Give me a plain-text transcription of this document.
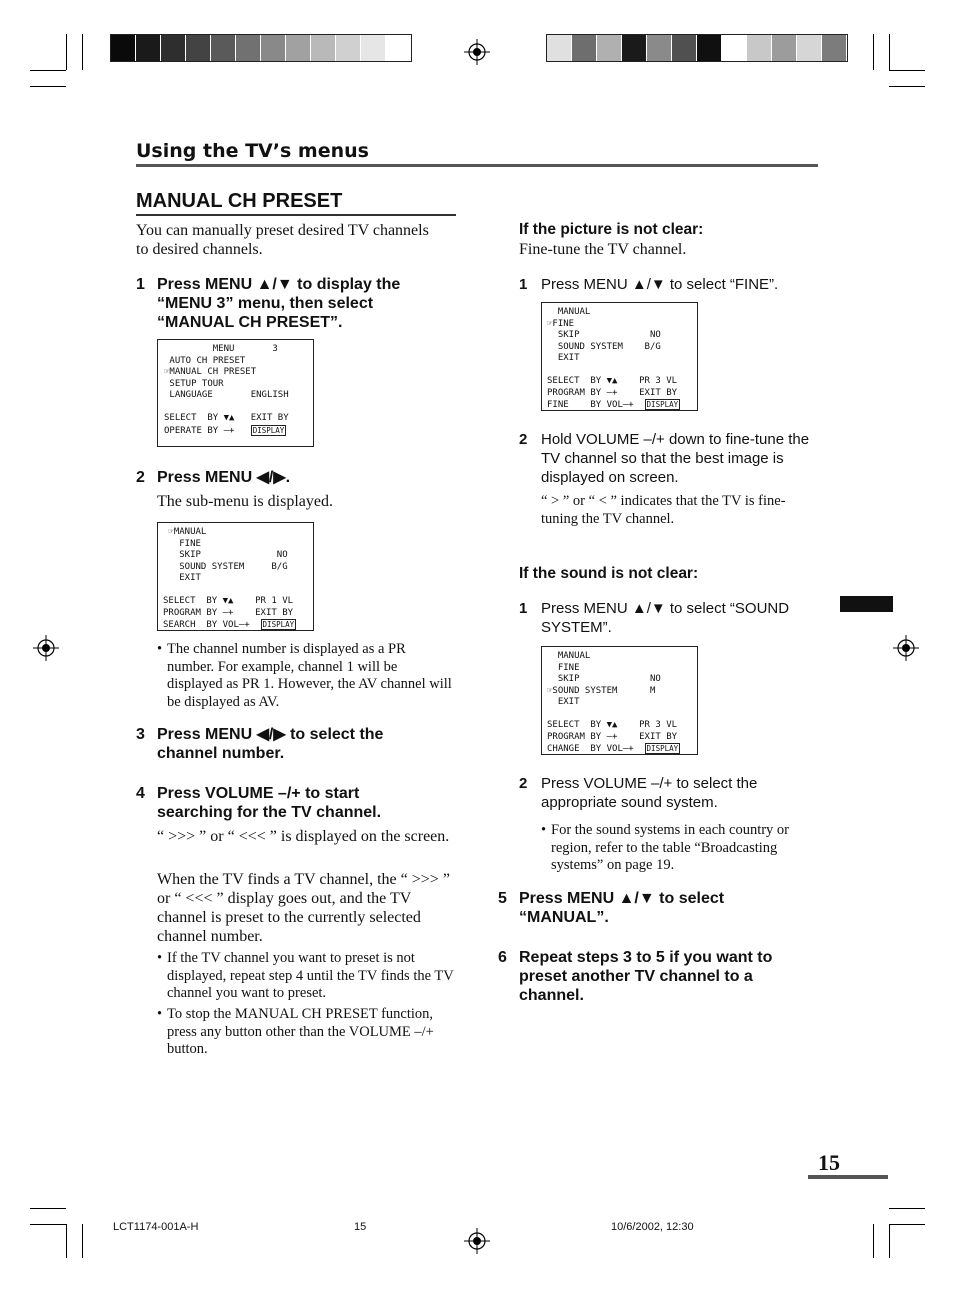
Using the TV’s menus
MANUAL CH PRESET
You can manually preset desired TV channels to desired channels.
1 Press MENU ▲/▼ to display the “MENU 3” menu, then select “MANUAL CH PRESET”.
MENU       3
AUTO CH PRESET
☞MANUAL CH PRESET
SETUP TOUR
LANGUAGE       ENGLISH

SELECT  BY ▼▲   EXIT BY
OPERATE BY –+   DISPLAY
2 Press MENU ◀/▶.
The sub-menu is displayed.
☞MANUAL
FINE
SKIP              NO
SOUND SYSTEM     B/G
EXIT

SELECT  BY ▼▲    PR 1 VL
PROGRAM BY –+    EXIT BY
SEARCH  BY VOL–+  DISPLAY
• The channel number is displayed as a PR number. For example, channel 1 will be displayed as PR 1. However, the AV channel will be displayed as AV.
3 Press MENU ◀/▶ to select the channel number.
4 Press VOLUME –/+ to start searching for the TV channel.
“ >>> ” or “ <<< ” is displayed on the screen.
When the TV finds a TV channel, the “ >>> ” or “ <<< ” display goes out, and the TV channel is preset to the currently selected channel number.
• If the TV channel you want to preset is not displayed, repeat step 4 until the TV finds the TV channel you want to preset.
• To stop the MANUAL CH PRESET function, press any button other than the VOLUME –/+ button.
If the picture is not clear:
Fine-tune the TV channel.
1 Press MENU ▲/▼ to select “FINE”.
MANUAL
☞FINE
SKIP             NO
SOUND SYSTEM    B/G
EXIT

SELECT  BY ▼▲    PR 3 VL
PROGRAM BY –+    EXIT BY
FINE    BY VOL–+  DISPLAY
2 Hold VOLUME –/+ down to fine-tune the TV channel so that the best image is displayed on screen.
“ > ” or “ < ” indicates that the TV is fine-tuning the TV channel.
If the sound is not clear:
1 Press MENU ▲/▼ to select “SOUND SYSTEM”.
MANUAL
FINE
SKIP             NO
☞SOUND SYSTEM      M
EXIT

SELECT  BY ▼▲    PR 3 VL
PROGRAM BY –+    EXIT BY
CHANGE  BY VOL–+  DISPLAY
2 Press VOLUME –/+ to select the appropriate sound system.
• For the sound systems in each country or region, refer to the table “Broadcasting systems” on page 19.
5 Press MENU ▲/▼ to select “MANUAL”.
6 Repeat steps 3 to 5 if you want to preset another TV channel to a channel.
15
LCT1174-001A-H	15	10/6/2002, 12:30
